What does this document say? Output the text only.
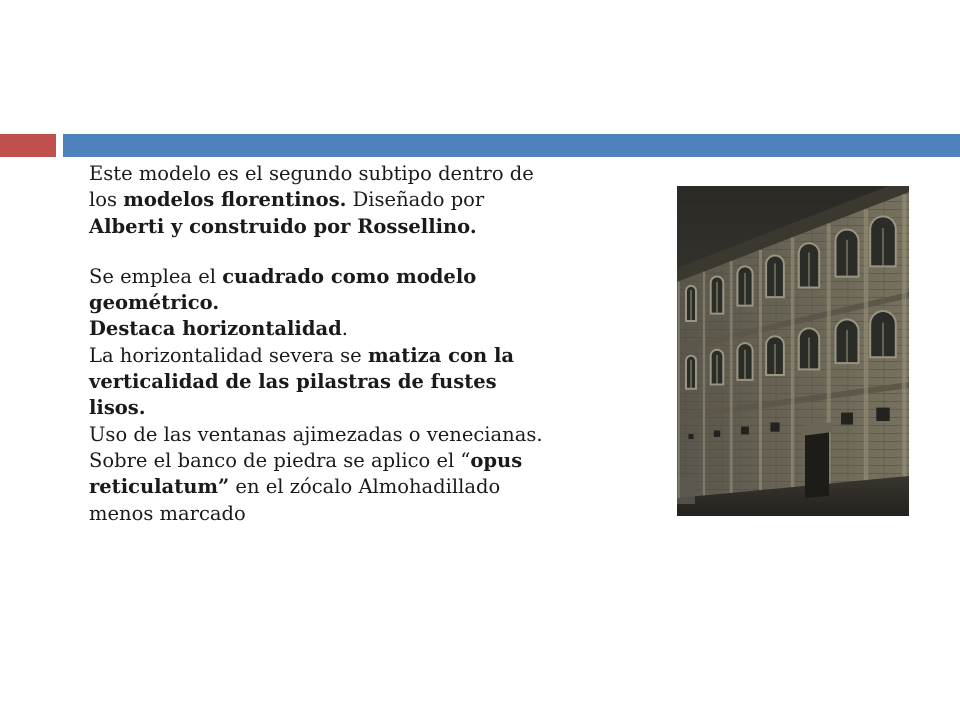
Este modelo es el segundo subtipo dentro de los modelos florentinos. Diseñado por Alberti y construido por Rossellino.

Se emplea el cuadrado como modelo geométrico.

Destaca horizontalidad.

La horizontalidad severa se matiza con la verticalidad de las pilastras de fustes lisos.

Uso de las ventanas ajimezadas o venecianas.

Sobre el banco de piedra se aplico el “opus reticulatum” en el zócalo Almohadillado menos marcado
